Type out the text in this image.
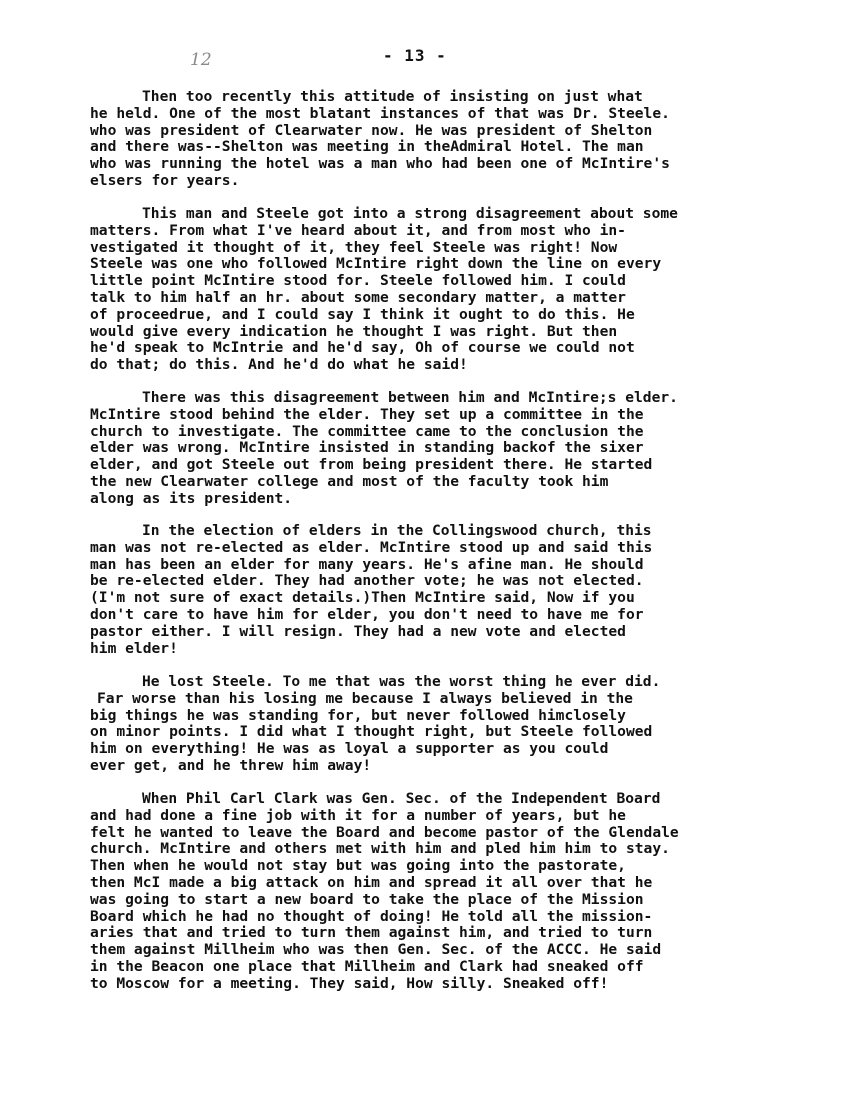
- 13 -
12
Then too recently this attitude of insisting on just what
he held. One of the most blatant instances of that was Dr. Steele.
who was president of Clearwater now. He was president of Shelton
and there was--Shelton was meeting in theAdmiral Hotel. The man
who was running the hotel was a man who had been one of McIntire's
elsers for years.
This man and Steele got into a strong disagreement about some
matters. From what I've heard about it, and from most who in-
vestigated it thought of it, they feel Steele was right! Now
Steele was one who followed McIntire right down the line on every
little point McIntire stood for. Steele followed him. I could
talk to him half an hr. about some secondary matter, a matter
of proceedrue, and I could say I think it ought to do this. He
would give every indication he thought I was right. But then
he'd speak to McIntrie and he'd say, Oh of course we could not
do that; do this. And he'd do what he said!
There was this disagreement between him and McIntire;s elder.
McIntire stood behind the elder. They set up a committee in the
church to investigate. The committee came to the conclusion the
elder was wrong. McIntire insisted in standing backof the sixer
elder, and got Steele out from being president there. He started
the new Clearwater college and most of the faculty took him
along as its president.
In the election of elders in the Collingswood church, this
man was not re-elected as elder. McIntire stood up and said this
man has been an elder for many years. He's afine man. He should
be re-elected elder. They had another vote; he was not elected.
(I'm not sure of exact details.)Then McIntire said, Now if you
don't care to have him for elder, you don't need to have me for
pastor either. I will resign. They had a new vote and elected
him elder!
He lost Steele. To me that was the worst thing he ever did.
Far worse than his losing me because I always believed in the
big things he was standing for, but never followed himclosely
on minor points. I did what I thought right, but Steele followed
him on everything! He was as loyal a supporter as you could
ever get, and he threw him away!
When Phil Carl Clark was Gen. Sec. of the Independent Board
and had done a fine job with it for a number of years, but he
felt he wanted to leave the Board and become pastor of the Glendale
church. McIntire and others met with him and pled him him to stay.
Then when he would not stay but was going into the pastorate,
then McI made a big attack on him and spread it all over that he
was going to start a new board to take the place of the Mission
Board which he had no thought of doing! He told all the mission-
aries that and tried to turn them against him, and tried to turn
them against Millheim who was then Gen. Sec. of the ACCC. He said
in the Beacon one place that Millheim and Clark had sneaked off
to Moscow for a meeting. They said, How silly. Sneaked off!
